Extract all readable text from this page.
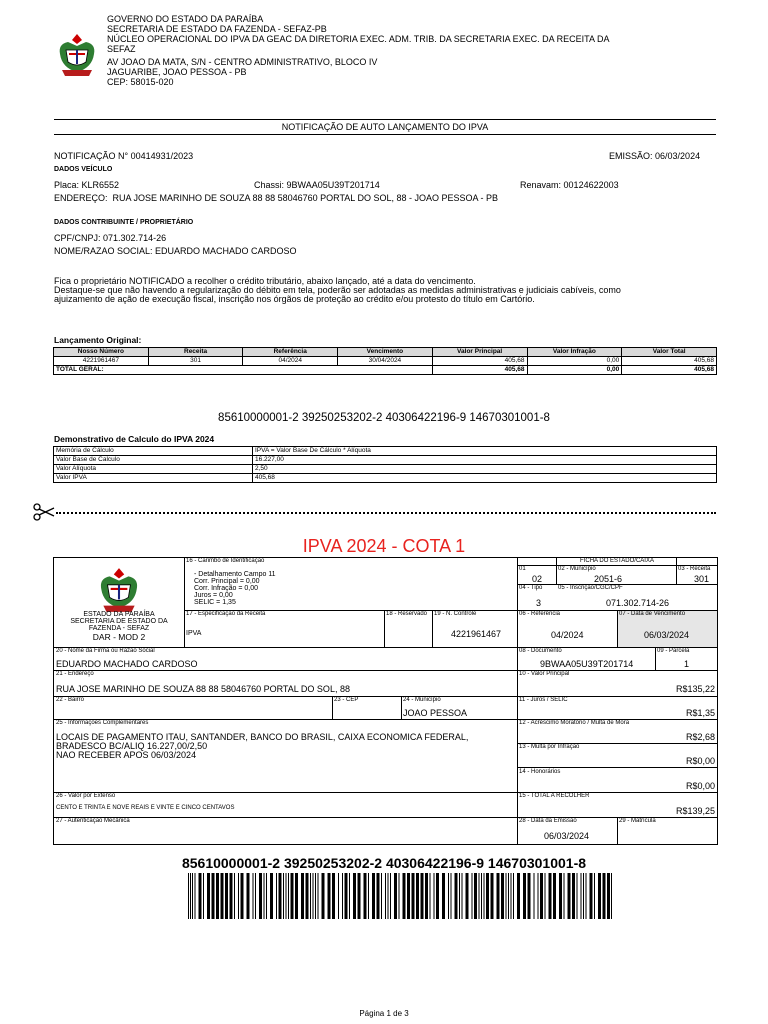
GOVERNO DO ESTADO DA PARAÍBA
SECRETARIA DE ESTADO DA FAZENDA - SEFAZ-PB
NÚCLEO OPERACIONAL DO IPVA DA GEAC DA DIRETORIA EXEC. ADM. TRIB. DA SECRETARIA EXEC. DA RECEITA DA
SEFAZ
AV JOAO DA MATA, S/N - CENTRO ADMINISTRATIVO, BLOCO IV
JAGUARIBE, JOAO PESSOA - PB
CEP: 58015-020
NOTIFICAÇÃO DE AUTO LANÇAMENTO DO IPVA
NOTIFICAÇÃO N° 00414931/2023	EMISSÃO: 06/03/2024
DADOS VEÍCULO
Placa: KLR6552	Chassi: 9BWAA05U39T201714	Renavam: 00124622003
ENDEREÇO: RUA JOSE MARINHO DE SOUZA 88 88 58046760 PORTAL DO SOL, 88 - JOAO PESSOA - PB
DADOS CONTRIBUINTE / PROPRIETÁRIO
CPF/CNPJ: 071.302.714-26
NOME/RAZAO SOCIAL: EDUARDO MACHADO CARDOSO
Fica o proprietário NOTIFICADO a recolher o crédito tributário, abaixo lançado, até a data do vencimento.
Destaque-se que não havendo a regularização do débito em tela, poderão ser adotadas as medidas administrativas e judiciais cabíveis, como
ajuizamento de ação de execução fiscal, inscrição nos órgãos de proteção ao crédito e/ou protesto do título em Cartório.
Lançamento Original:
Nosso Número	Receita	Referência	Vencimento	Valor Principal	Valor Infração	Valor Total
4221961467	301	04/2024	30/04/2024	405,68	0,00	405,68
TOTAL GERAL:				405,68	0,00	405,68
85610000001-2 39250253202-2 40306422196-9 14670301001-8
Demonstrativo de Calculo do IPVA 2024
Memória de Cálculo	IPVA = Valor Base De Cálculo * Alíquota
Valor Base de Calculo	16.227,00
Valor Alíquota	2,50
Valor IPVA	405,68
IPVA 2024 - COTA 1
ESTADO DA PARAÍBA
SECRETARIA DE ESTADO DA
FAZENDA - SEFAZ
DAR - MOD 2
16 - Carimbo de Identificação
- Detalhamento Campo 11
Corr. Principal = 0,00
Corr. Infração = 0,00
Juros = 0,00
SELIC = 1,35
FICHA DO ESTADO/CAIXA
01
02
02 - Município
2051-6
03 - Receita
301
04 - Tipo
3
05 - Inscrição/CGC/CPF
071.302.714-26
17 - Especificação da Receita
IPVA
18 - Reservado 19 - N. Controle
4221961467
06 - Referência
04/2024
07 - Data de Vencimento
06/03/2024
20 - Nome da Firma ou Razão Social
EDUARDO MACHADO CARDOSO
08 - Documento
9BWAA05U39T201714
09 - Parcela
1
21 - Endereço
RUA JOSE MARINHO DE SOUZA 88 88 58046760 PORTAL DO SOL, 88
10 - Valor Principal
R$135,22
22 - Bairro	23 - CEP	24 - Município
JOAO PESSOA
11 - Juros / SELIC
R$1,35
25 - Informações Complementares
LOCAIS DE PAGAMENTO ITAU, SANTANDER, BANCO DO BRASIL, CAIXA ECONOMICA FEDERAL,
BRADESCO BC/ALIQ 16.227,00/2,50
NAO RECEBER APOS 06/03/2024
12 - Acréscimo Moratório / Multa de Mora
R$2,68
13 - Multa por Infração
R$0,00
14 - Honorários
R$0,00
26 - Valor por Extenso
CENTO E TRINTA E NOVE REAIS E VINTE E CINCO CENTAVOS
15 - TOTAL A RECOLHER
R$139,25
27 - Autenticação Mecânica	28 - Data da Emissão
06/03/2024
29 - Matrícula
85610000001-2 39250253202-2 40306422196-9 14670301001-8
Página 1 de 3
